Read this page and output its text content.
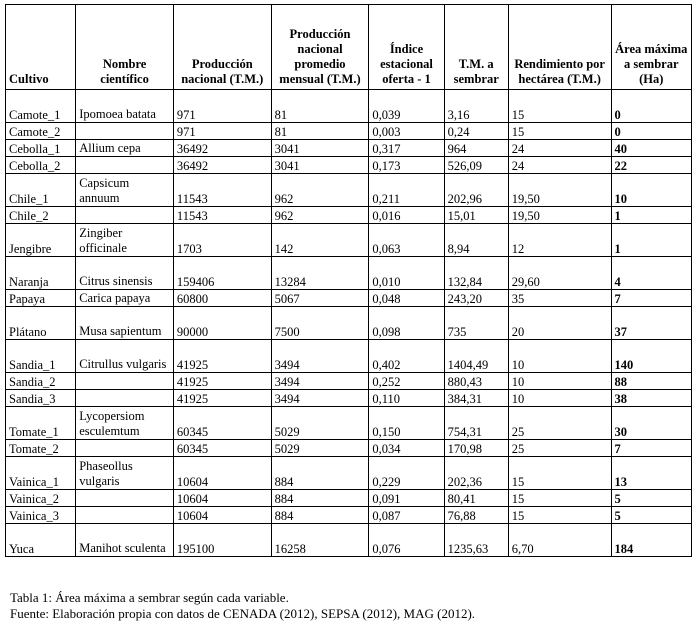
Cultivo	Nombre científico	Producción nacional (T.M.)	Producción nacional promedio mensual (T.M.)	Índice estacional oferta - 1	T.M. a sembrar	Rendimiento por hectárea (T.M.)	Área máxima a sembrar (Ha)
Camote_1	Ipomoea batata	971	81	0,039	3,16	15	0
Camote_2		971	81	0,003	0,24	15	0
Cebolla_1	Allium cepa	36492	3041	0,317	964	24	40
Cebolla_2		36492	3041	0,173	526,09	24	22
Chile_1	Capsicum annuum	11543	962	0,211	202,96	19,50	10
Chile_2		11543	962	0,016	15,01	19,50	1
Jengibre	Zingiber officinale	1703	142	0,063	8,94	12	1
Naranja	Citrus sinensis	159406	13284	0,010	132,84	29,60	4
Papaya	Carica papaya	60800	5067	0,048	243,20	35	7
Plátano	Musa sapientum	90000	7500	0,098	735	20	37
Sandia_1	Citrullus vulgaris	41925	3494	0,402	1404,49	10	140
Sandia_2		41925	3494	0,252	880,43	10	88
Sandia_3		41925	3494	0,110	384,31	10	38
Tomate_1	Lycopersiom esculemtum	60345	5029	0,150	754,31	25	30
Tomate_2		60345	5029	0,034	170,98	25	7
Vainica_1	Phaseollus vulgaris	10604	884	0,229	202,36	15	13
Vainica_2		10604	884	0,091	80,41	15	5
Vainica_3		10604	884	0,087	76,88	15	5
Yuca	Manihot sculenta	195100	16258	0,076	1235,63	6,70	184
Tabla 1: Área máxima a sembrar según cada variable.
Fuente: Elaboración propia con datos de CENADA (2012), SEPSA (2012), MAG (2012).
